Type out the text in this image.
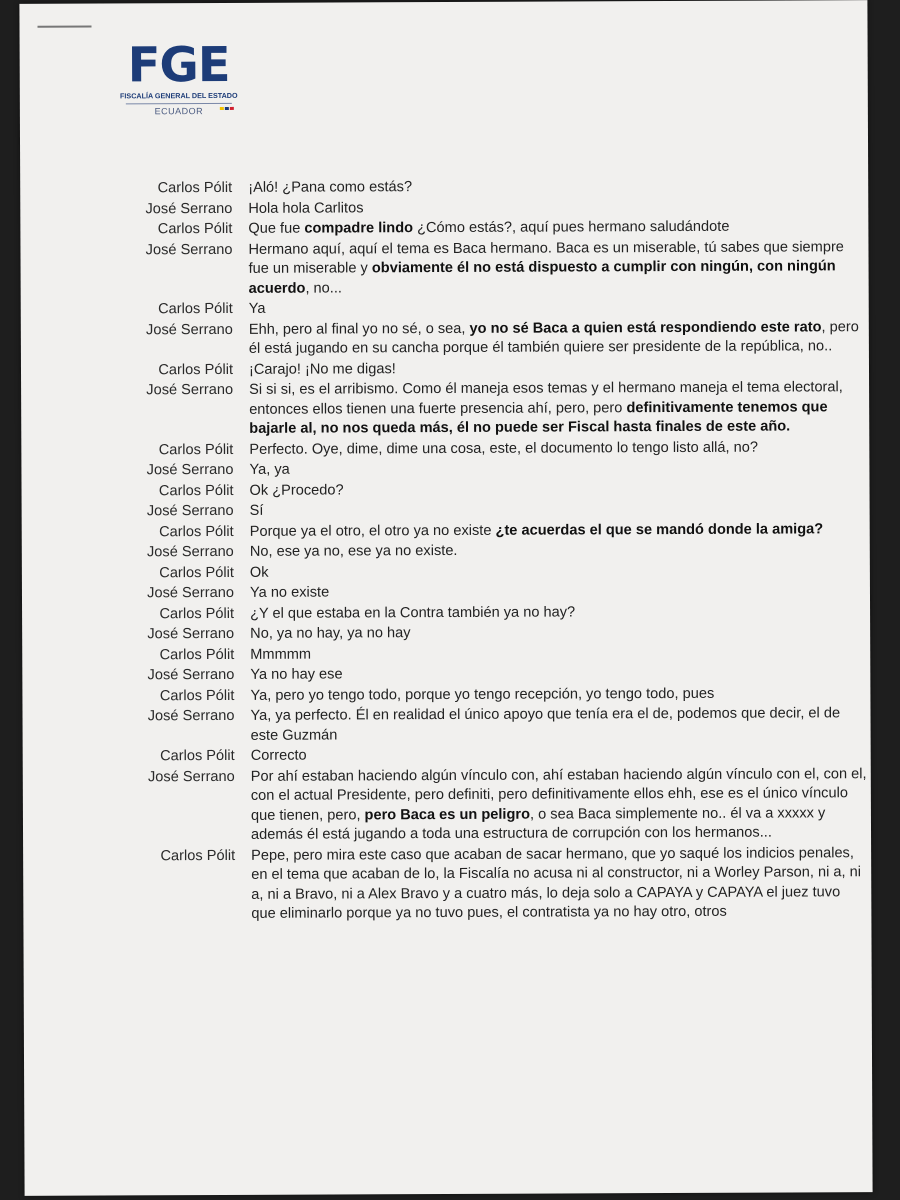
FGE
FISCALÍA GENERAL DEL ESTADO
ECUADOR
Carlos Pólit	¡Aló! ¿Pana como estás?
José Serrano	Hola hola Carlitos
Carlos Pólit	Que fue compadre lindo ¿Cómo estás?, aquí pues hermano saludándote
José Serrano	Hermano aquí, aquí el tema es Baca hermano. Baca es un miserable, tú sabes que siempre fue un miserable y obviamente él no está dispuesto a cumplir con ningún, con ningún acuerdo, no...
Carlos Pólit	Ya
José Serrano	Ehh, pero al final yo no sé, o sea, yo no sé Baca a quien está respondiendo este rato, pero él está jugando en su cancha porque él también quiere ser presidente de la república, no..
Carlos Pólit	¡Carajo! ¡No me digas!
José Serrano	Si si si, es el arribismo. Como él maneja esos temas y el hermano maneja el tema electoral, entonces ellos tienen una fuerte presencia ahí, pero, pero definitivamente tenemos que bajarle al, no nos queda más, él no puede ser Fiscal hasta finales de este año.
Carlos Pólit	Perfecto. Oye, dime, dime una cosa, este, el documento lo tengo listo allá, no?
José Serrano	Ya, ya
Carlos Pólit	Ok ¿Procedo?
José Serrano	Sí
Carlos Pólit	Porque ya el otro, el otro ya no existe ¿te acuerdas el que se mandó donde la amiga?
José Serrano	No, ese ya no, ese ya no existe.
Carlos Pólit	Ok
José Serrano	Ya no existe
Carlos Pólit	¿Y el que estaba en la Contra también ya no hay?
José Serrano	No, ya no hay, ya no hay
Carlos Pólit	Mmmmm
José Serrano	Ya no hay ese
Carlos Pólit	Ya, pero yo tengo todo, porque yo tengo recepción, yo tengo todo, pues
José Serrano	Ya, ya perfecto. Él en realidad el único apoyo que tenía era el de, podemos que decir, el de este Guzmán
Carlos Pólit	Correcto
José Serrano	Por ahí estaban haciendo algún vínculo con, ahí estaban haciendo algún vínculo con el, con el, con el actual Presidente, pero definiti, pero definitivamente ellos ehh, ese es el único vínculo que tienen, pero, pero Baca es un peligro, o sea Baca simplemente no.. él va a xxxxx y además él está jugando a toda una estructura de corrupción con los hermanos...
Carlos Pólit	Pepe, pero mira este caso que acaban de sacar hermano, que yo saqué los indicios penales, en el tema que acaban de lo, la Fiscalía no acusa ni al constructor, ni a Worley Parson, ni a, ni a, ni a Bravo, ni a Alex Bravo y a cuatro más, lo deja solo a CAPAYA y CAPAYA el juez tuvo que eliminarlo porque ya no tuvo pues, el contratista ya no hay otro, otros
